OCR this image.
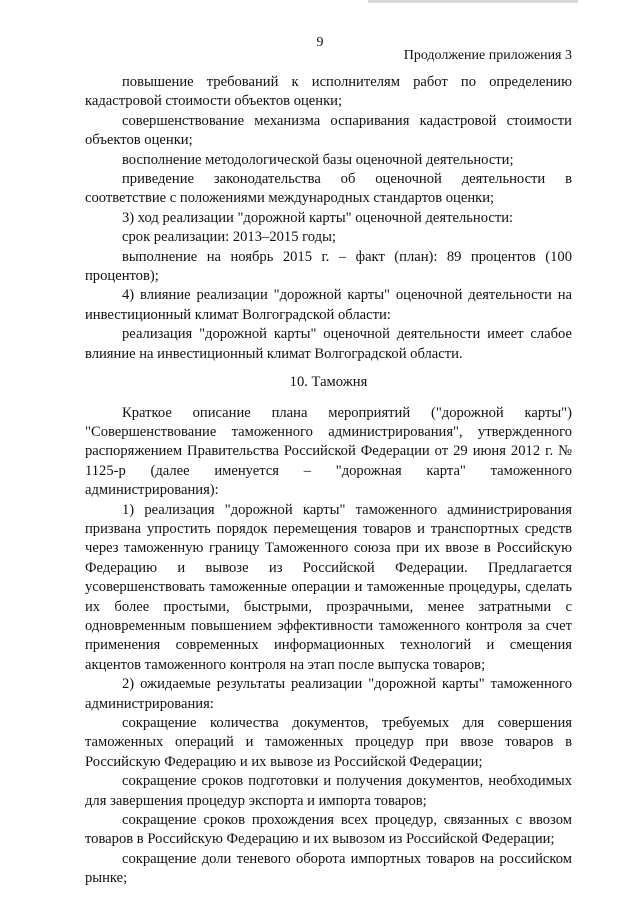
9
Продолжение приложения 3

повышение требований к исполнителям работ по определению кадастровой стоимости объектов оценки;

совершенствование механизма оспаривания кадастровой стоимости объектов оценки;

восполнение методологической базы оценочной деятельности;

приведение законодательства об оценочной деятельности в соответствие с положениями международных стандартов оценки;

3) ход реализации "дорожной карты" оценочной деятельности:

срок реализации: 2013–2015 годы;

выполнение на ноябрь 2015 г. – факт (план): 89 процентов (100 процентов);

4) влияние реализации "дорожной карты" оценочной деятельности на инвестиционный климат Волгоградской области:

реализация "дорожной карты" оценочной деятельности имеет слабое влияние на инвестиционный климат Волгоградской области.

10. Таможня

Краткое описание плана мероприятий ("дорожной карты") "Совершенствование таможенного администрирования", утвержденного распоряжением Правительства Российской Федерации от 29 июня 2012 г. № 1125-р (далее именуется – "дорожная карта" таможенного администрирования):

1) реализация "дорожной карты" таможенного администрирования призвана упростить порядок перемещения товаров и транспортных средств через таможенную границу Таможенного союза при их ввозе в Российскую Федерацию и вывозе из Российской Федерации. Предлагается усовершенствовать таможенные операции и таможенные процедуры, сделать их более простыми, быстрыми, прозрачными, менее затратными с одновременным повышением эффективности таможенного контроля за счет применения современных информационных технологий и смещения акцентов таможенного контроля на этап после выпуска товаров;

2) ожидаемые результаты реализации "дорожной карты" таможенного администрирования:

сокращение количества документов, требуемых для совершения таможенных операций и таможенных процедур при ввозе товаров в Российскую Федерацию и их вывозе из Российской Федерации;

сокращение сроков подготовки и получения документов, необходимых для завершения процедур экспорта и импорта товаров;

сокращение сроков прохождения всех процедур, связанных с ввозом товаров в Российскую Федерацию и их вывозом из Российской Федерации;

сокращение доли теневого оборота импортных товаров на российском рынке;
